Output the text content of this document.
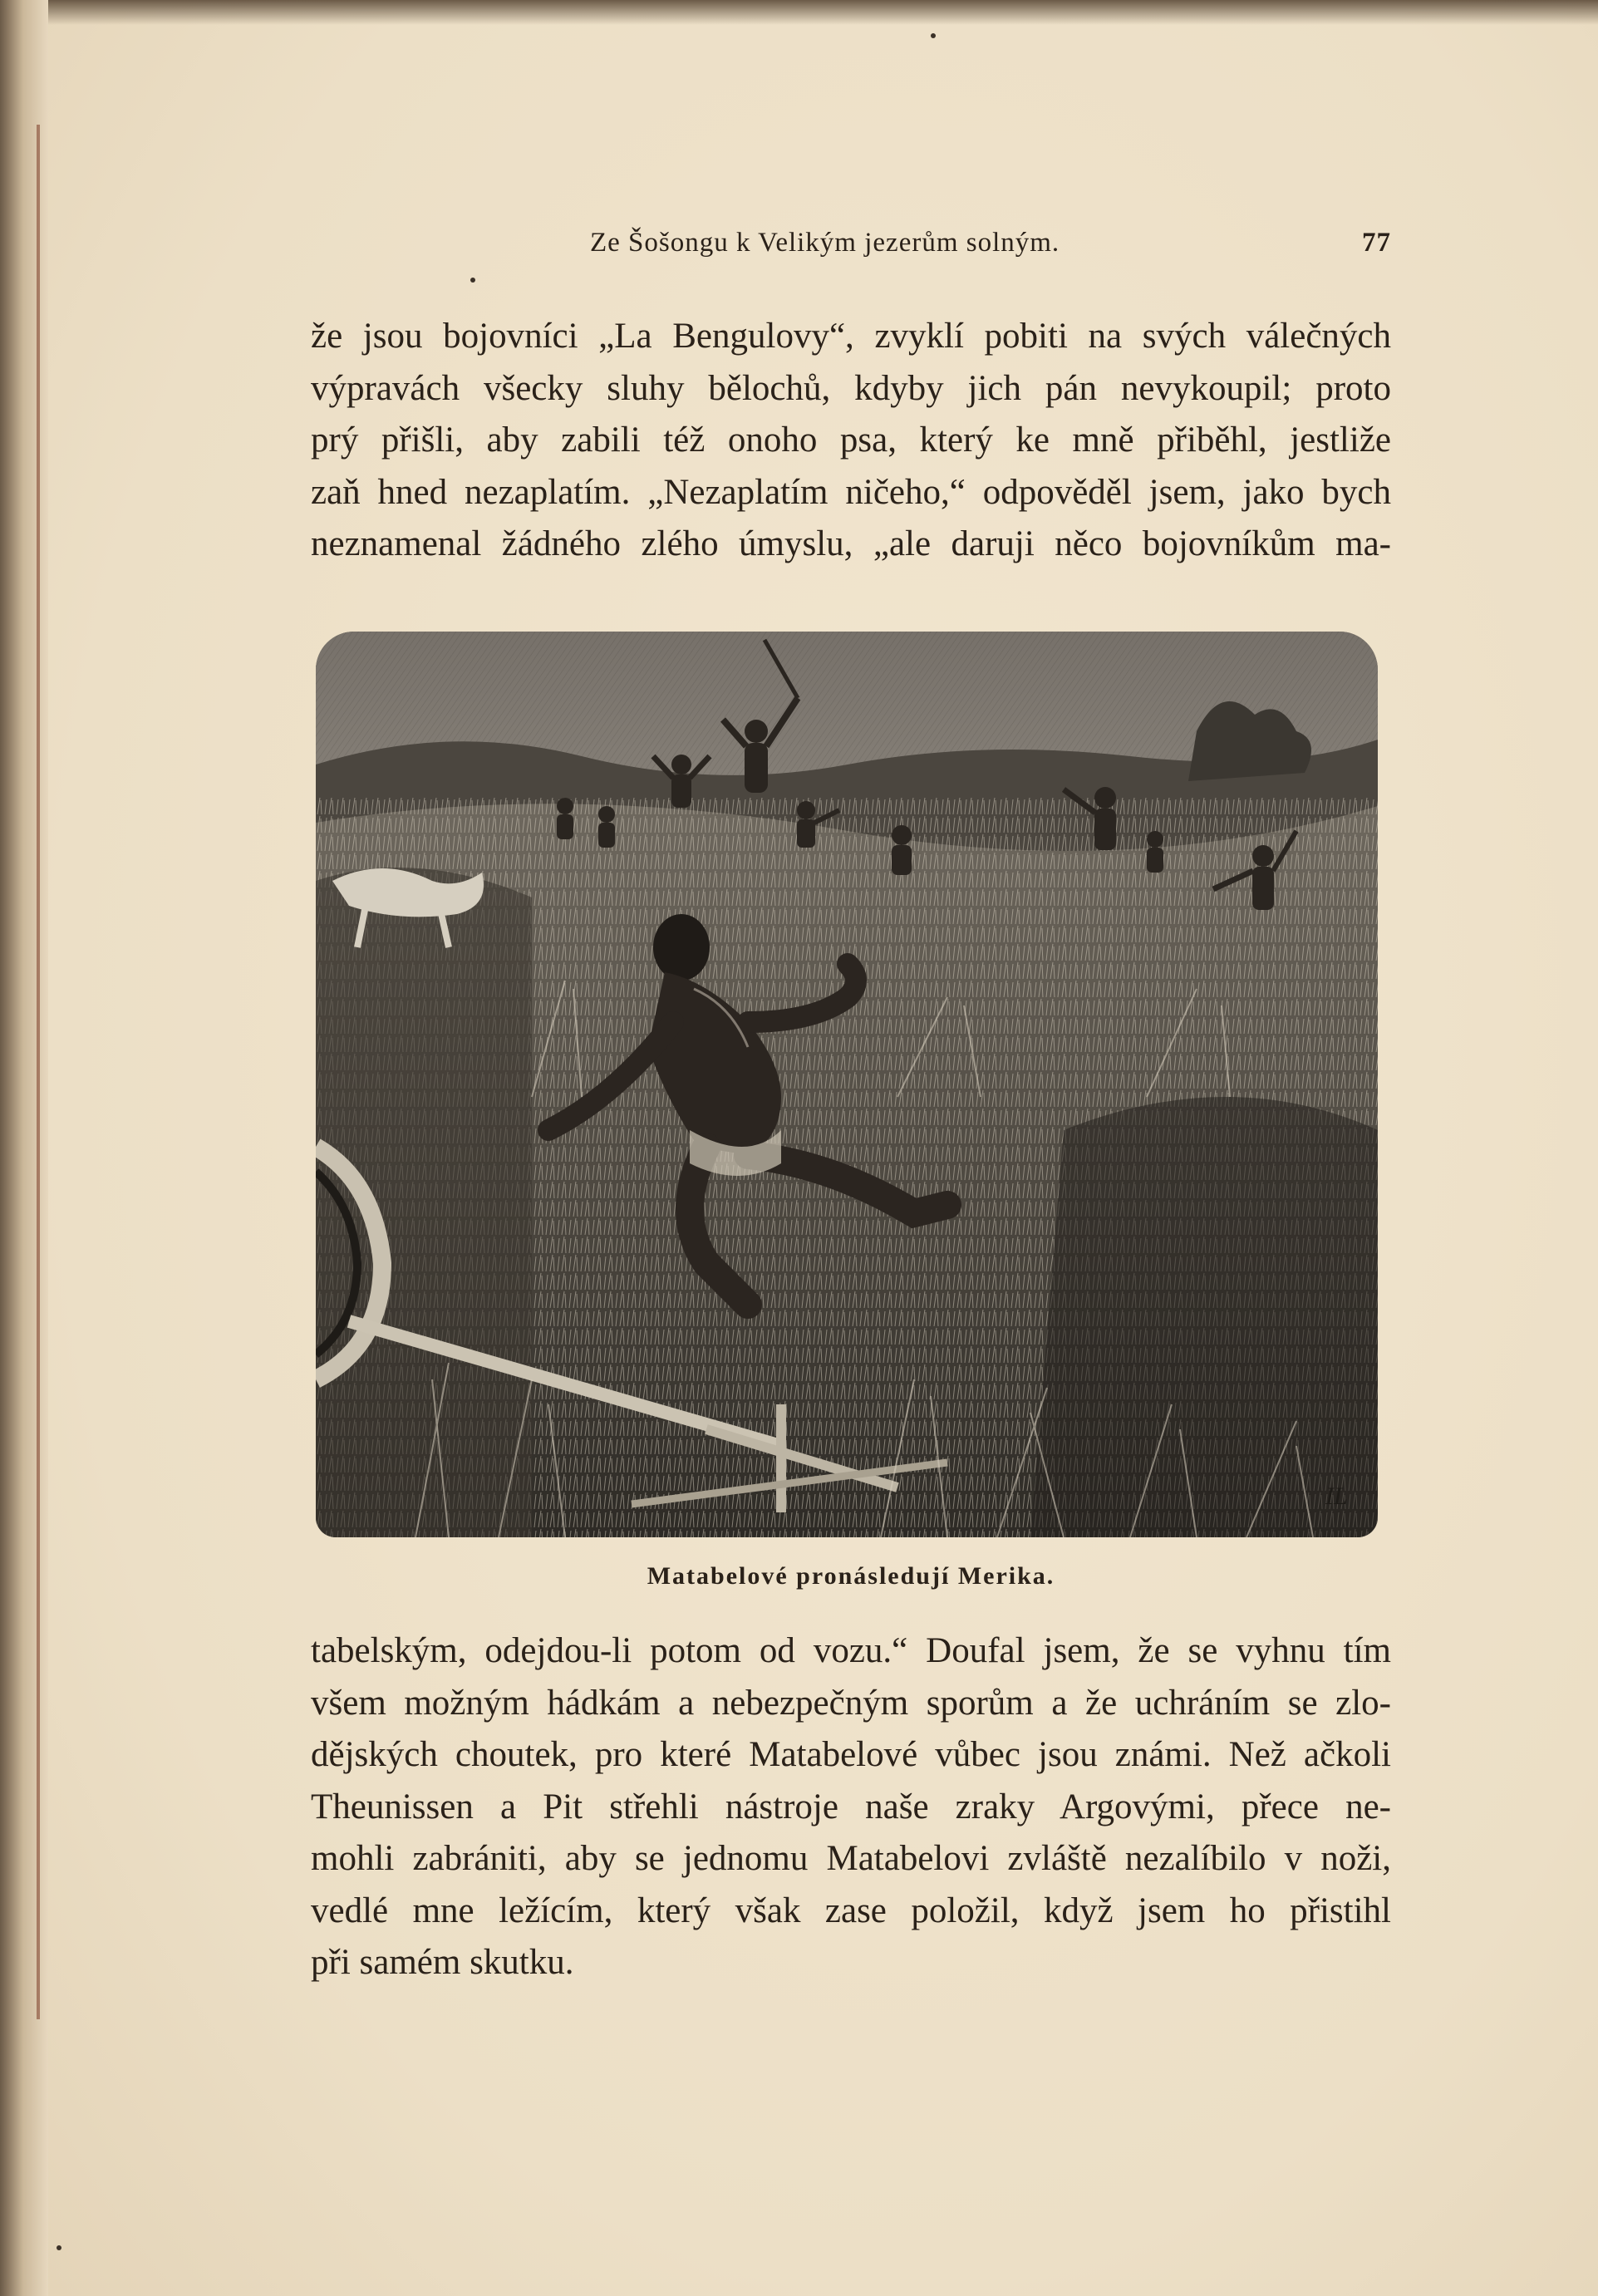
Ze Šošongu k Velikým jezerům solným.	77
že jsou bojovníci „La Bengulovy“, zvyklí pobiti na svých válečných
výpravách všecky sluhy bělochů, kdyby jich pán nevykoupil; proto
prý přišli, aby zabili též onoho psa, který ke mně přiběhl, jestliže
zaň hned nezaplatím. „Nezaplatím ničeho,“ odpověděl jsem, jako bych
neznamenal žádného zlého úmyslu, „ale daruji něco bojovníkům ma-
IL
Matabelové pronásledují Merika.
tabelským, odejdou-li potom od vozu.“ Doufal jsem, že se vyhnu tím
všem možným hádkám a nebezpečným sporům a že uchráním se zlo-
dějských choutek, pro které Matabelové vůbec jsou známi. Než ačkoli
Theunissen a Pit střehli nástroje naše zraky Argovými, přece ne-
mohli zabrániti, aby se jednomu Matabelovi zvláště nezalíbilo v noži,
vedlé mne ležícím, který však zase položil, když jsem ho přistihl
při samém skutku.
